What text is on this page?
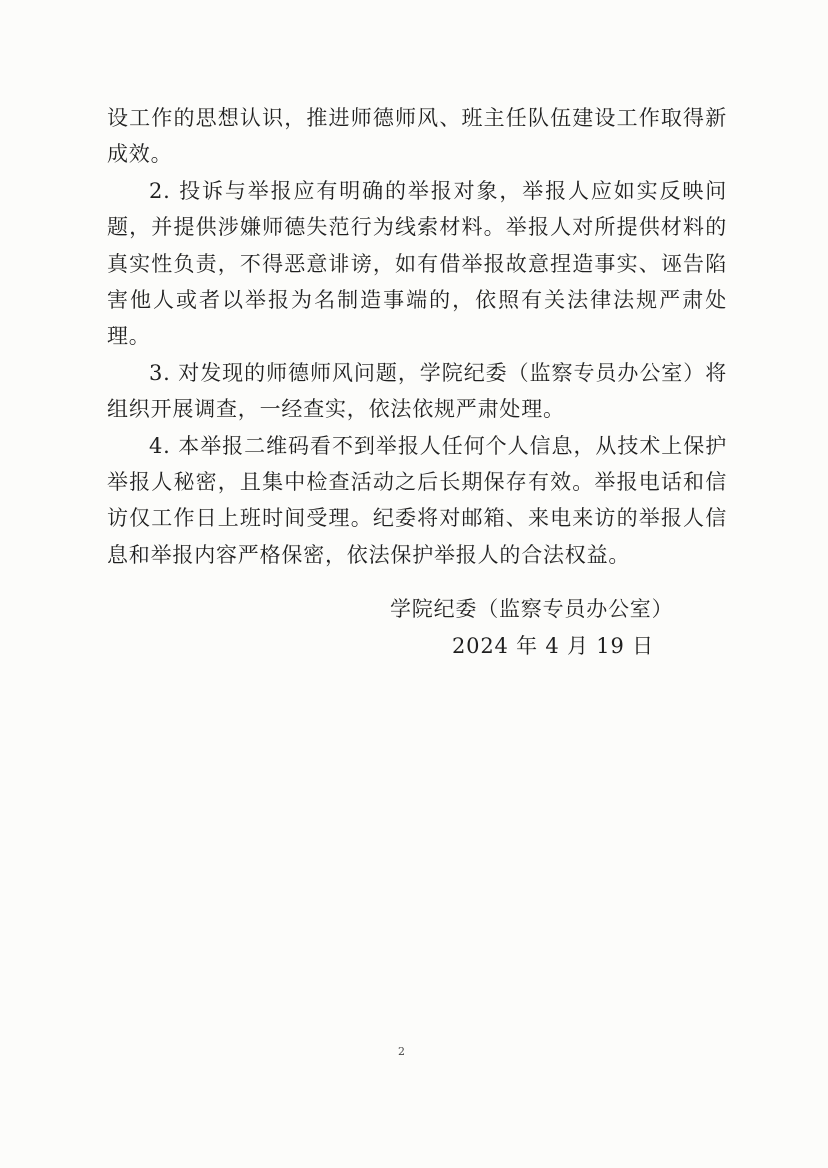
设工作的思想认识，推进师德师风、班主任队伍建设工作取得新成效。

2. 投诉与举报应有明确的举报对象，举报人应如实反映问题，并提供涉嫌师德失范行为线索材料。举报人对所提供材料的真实性负责，不得恶意诽谤，如有借举报故意捏造事实、诬告陷害他人或者以举报为名制造事端的，依照有关法律法规严肃处理。

3. 对发现的师德师风问题，学院纪委（监察专员办公室）将组织开展调查，一经查实，依法依规严肃处理。

4. 本举报二维码看不到举报人任何个人信息，从技术上保护举报人秘密，且集中检查活动之后长期保存有效。举报电话和信访仅工作日上班时间受理。纪委将对邮箱、来电来访的举报人信息和举报内容严格保密，依法保护举报人的合法权益。

学院纪委（监察专员办公室）
2024 年 4 月 19 日
2
